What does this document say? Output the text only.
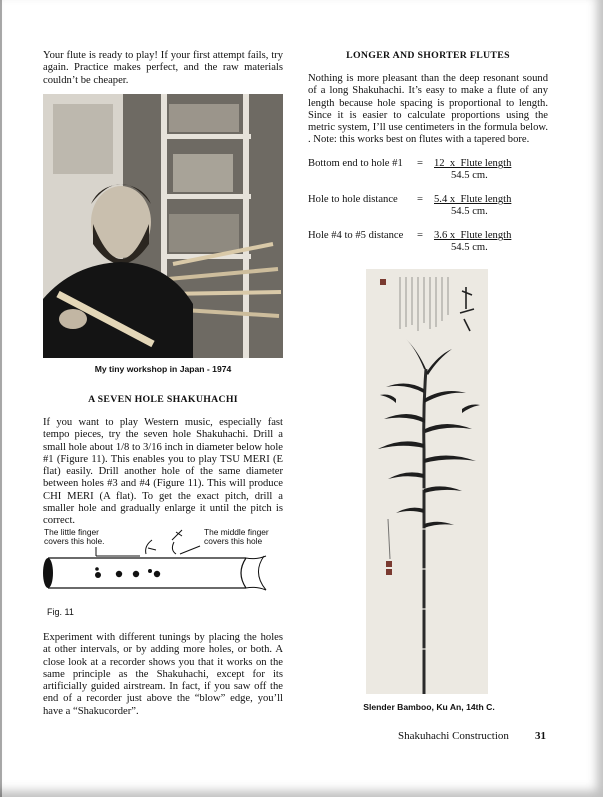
Your flute is ready to play! If your first attempt fails, try again. Practice makes perfect, and the raw materials couldn’t be cheaper.

My tiny workshop in Japan - 1974
A SEVEN HOLE SHAKUHACHI

If you want to play Western music, especially fast tempo pieces, try the seven hole Shakuhachi. Drill a small hole about 1/8 to 3/16 inch in diameter below hole #1 (Figure 11). This enables you to play TSU MERI (E flat) easily. Drill another hole of the same diameter between holes #3 and #4 (Figure 11). This will produce CHI MERI (A flat). To get the exact pitch, drill a smaller hole and gradually enlarge it until the pitch is correct.

The little finger
covers this hole.
The middle finger
covers this hole
Fig. 11

Experiment with different tunings by placing the holes at other intervals, or by adding more holes, or both. A close look at a recorder shows you that it works on the same principle as the Shakuhachi, except for its artificially guided airstream. In fact, if you saw off the end of a recorder just above the “blow” edge, you’ll have a “Shakucorder”.

LONGER AND SHORTER FLUTES

Nothing is more pleasant than the deep resonant sound of a long Shakuhachi. It’s easy to make a flute of any length because hole spacing is proportional to length. Since it is easier to calculate proportions using the metric system, I’ll use centimeters in the formula below. . Note: this works best on flutes with a tapered bore.

Bottom end to hole #1 = 12  x  Flute length
54.5 cm.
Hole to hole distance = 5.4 x  Flute length
54.5 cm.
Hole #4 to #5 distance = 3.6 x  Flute length
54.5 cm.
Slender Bamboo, Ku An, 14th C.
Shakuhachi Construction 31
